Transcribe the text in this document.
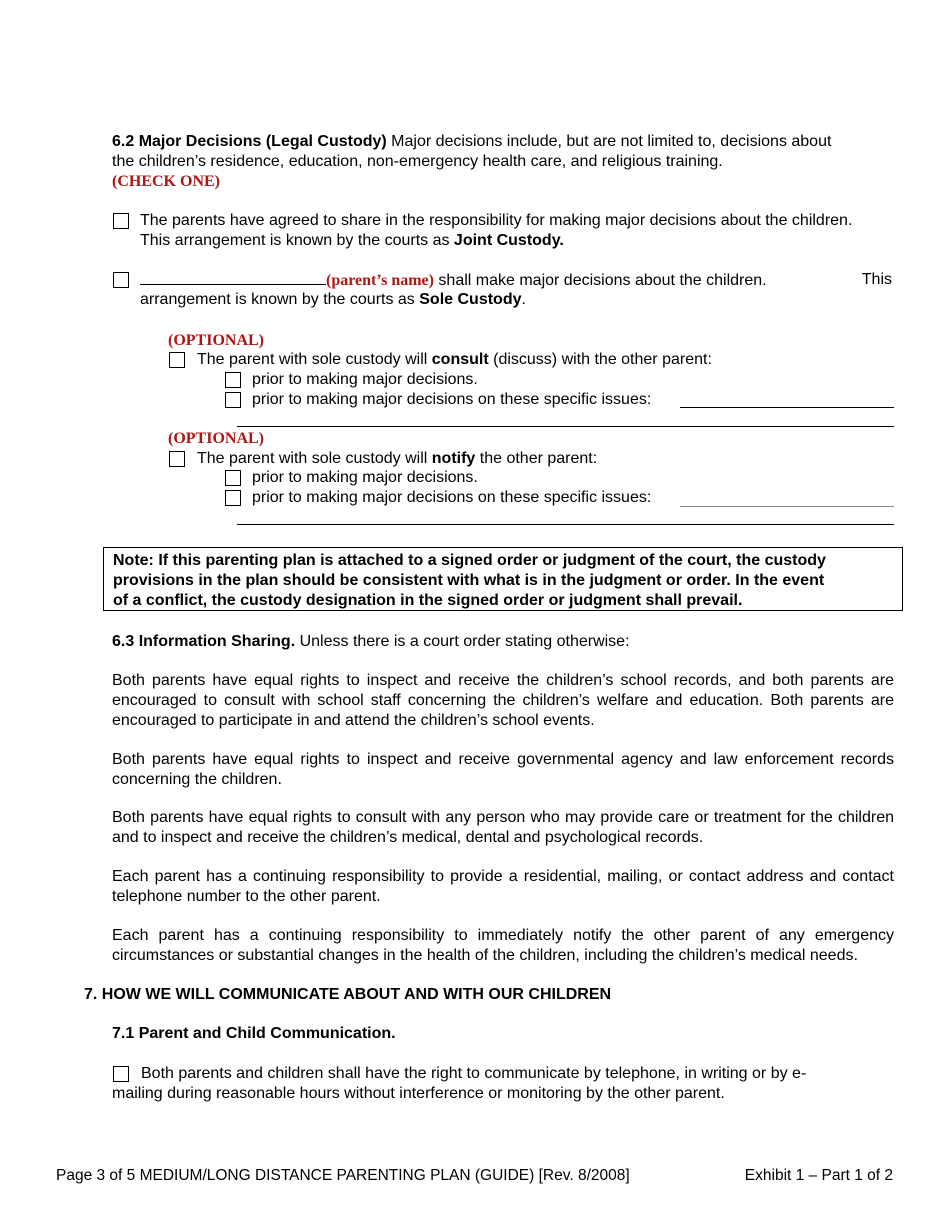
6.2 Major Decisions (Legal Custody) Major decisions include, but are not limited to, decisions about
the children’s residence, education, non-emergency health care, and religious training.
(CHECK ONE)
The parents have agreed to share in the responsibility for making major decisions about the children.
This arrangement is known by the courts as Joint Custody.
(parent’s name) shall make major decisions about the children.	This
arrangement is known by the courts as Sole Custody.
(OPTIONAL)
The parent with sole custody will consult (discuss) with the other parent:
prior to making major decisions.
prior to making major decisions on these specific issues:
(OPTIONAL)
The parent with sole custody will notify the other parent:
prior to making major decisions.
prior to making major decisions on these specific issues:
Note: If this parenting plan is attached to a signed order or judgment of the court, the custody
provisions in the plan should be consistent with what is in the judgment or order. In the event
of a conflict, the custody designation in the signed order or judgment shall prevail.
6.3 Information Sharing. Unless there is a court order stating otherwise:
Both parents have equal rights to inspect and receive the children’s school records, and both parents are encouraged to consult with school staff concerning the children’s welfare and education. Both parents are encouraged to participate in and attend the children’s school events.
Both parents have equal rights to inspect and receive governmental agency and law enforcement records concerning the children.
Both parents have equal rights to consult with any person who may provide care or treatment for the children and to inspect and receive the children’s medical, dental and psychological records.
Each parent has a continuing responsibility to provide a residential, mailing, or contact address and contact telephone number to the other parent.
Each parent has a continuing responsibility to immediately notify the other parent of any emergency circumstances or substantial changes in the health of the children, including the children’s medical needs.
7. HOW WE WILL COMMUNICATE ABOUT AND WITH OUR CHILDREN
7.1 Parent and Child Communication.
Both parents and children shall have the right to communicate by telephone, in writing or by e-
mailing during reasonable hours without interference or monitoring by the other parent.
Page 3 of 5 MEDIUM/LONG DISTANCE PARENTING PLAN (GUIDE) [Rev. 8/2008]	Exhibit 1 – Part 1 of 2
